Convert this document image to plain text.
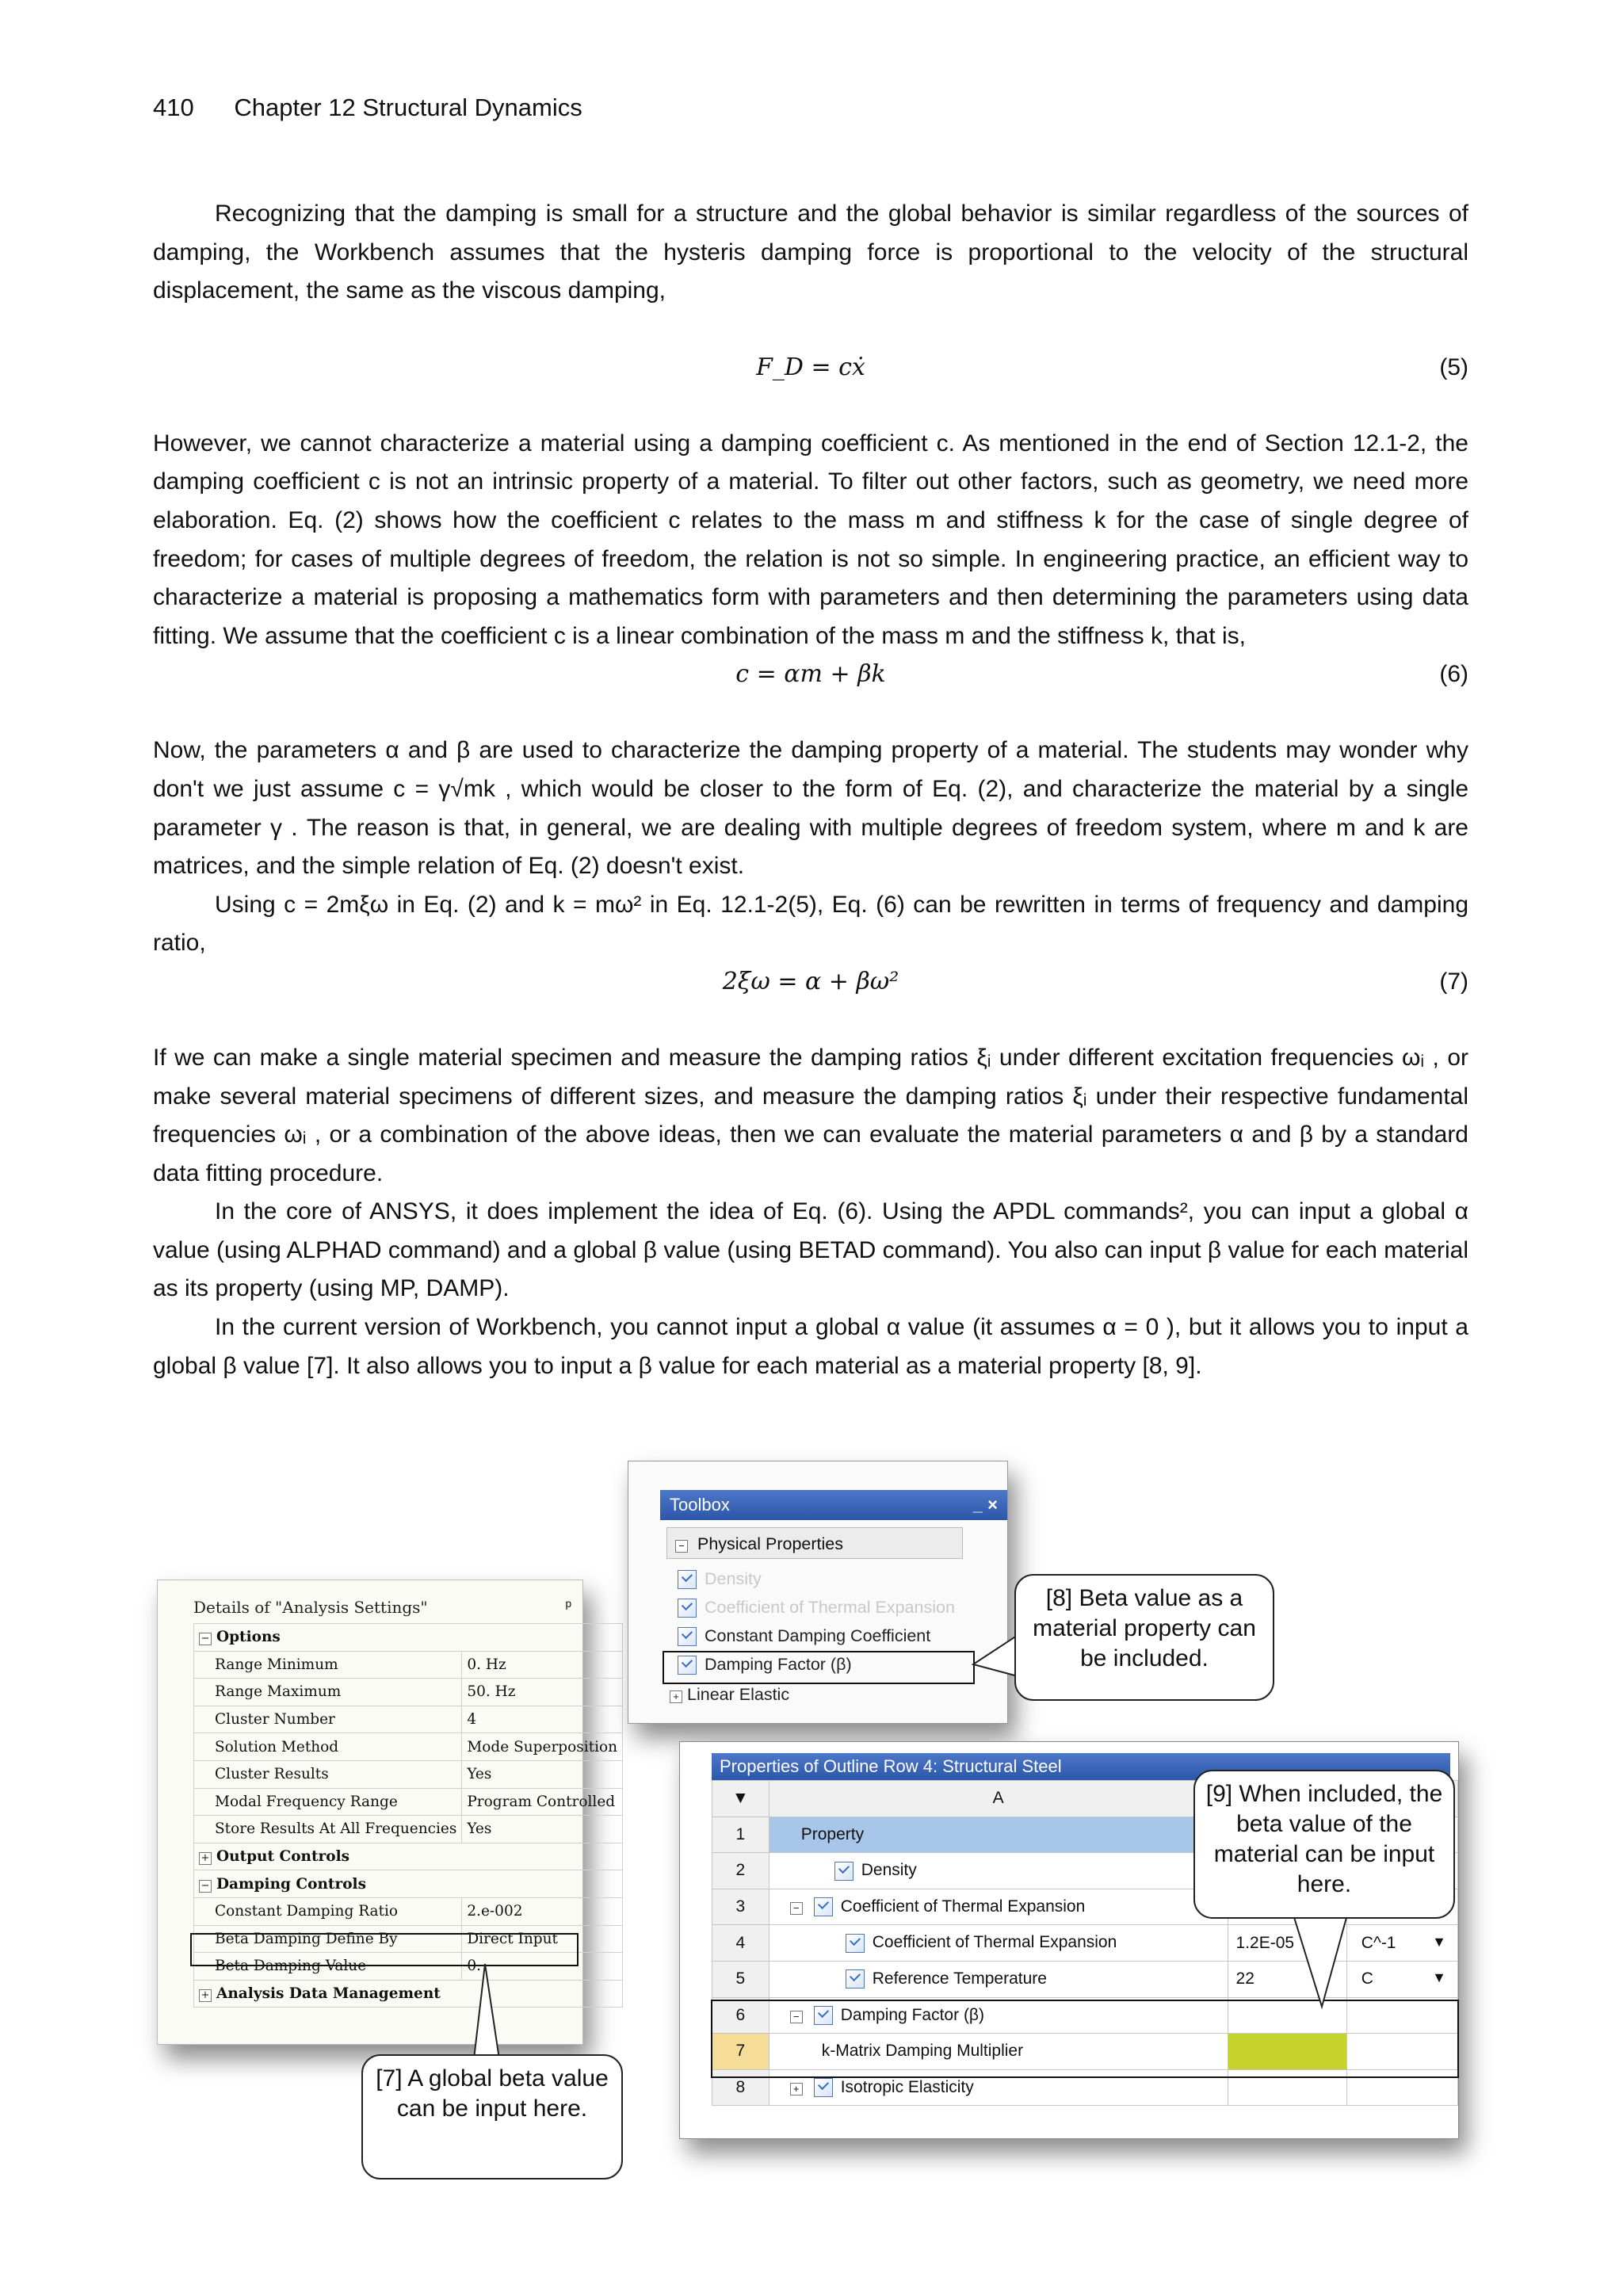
410 Chapter 12 Structural Dynamics

Recognizing that the damping is small for a structure and the global behavior is similar regardless of the sources of damping, the Workbench assumes that the hysteris damping force is proportional to the velocity of the structural displacement, the same as the viscous damping,

F_D = cẋ	(5)

However, we cannot characterize a material using a damping coefficient c. As mentioned in the end of Section 12.1-2, the damping coefficient c is not an intrinsic property of a material. To filter out other factors, such as geometry, we need more elaboration. Eq. (2) shows how the coefficient c relates to the mass m and stiffness k for the case of single degree of freedom; for cases of multiple degrees of freedom, the relation is not so simple. In engineering practice, an efficient way to characterize a material is proposing a mathematics form with parameters and then determining the parameters using data fitting. We assume that the coefficient c is a linear combination of the mass m and the stiffness k, that is,

c = αm + βk	(6)

Now, the parameters α and β are used to characterize the damping property of a material. The students may wonder why don't we just assume c = γ√mk , which would be closer to the form of Eq. (2), and characterize the material by a single parameter γ . The reason is that, in general, we are dealing with multiple degrees of freedom system, where m and k are matrices, and the simple relation of Eq. (2) doesn't exist.

Using c = 2mξω in Eq. (2) and k = mω² in Eq. 12.1-2(5), Eq. (6) can be rewritten in terms of frequency and damping ratio,

2ξω = α + βω²	(7)

If we can make a single material specimen and measure the damping ratios ξᵢ under different excitation frequencies ωᵢ , or make several material specimens of different sizes, and measure the damping ratios ξᵢ under their respective fundamental frequencies ωᵢ , or a combination of the above ideas, then we can evaluate the material parameters α and β by a standard data fitting procedure.

In the core of ANSYS, it does implement the idea of Eq. (6). Using the APDL commands², you can input a global α value (using ALPHAD command) and a global β value (using BETAD command). You also can input β value for each material as its property (using MP, DAMP).

In the current version of Workbench, you cannot input a global α value (it assumes α = 0 ), but it allows you to input a global β value [7]. It also allows you to input a β value for each material as a material property [8, 9].

Details of "Analysis Settings"	ᵖ
− Options	
Range Minimum	0. Hz
Range Maximum	50. Hz
Cluster Number	4
Solution Method	Mode Superposition
Cluster Results	Yes
Modal Frequency Range	Program Controlled
Store Results At All Frequencies	Yes
+ Output Controls	
− Damping Controls	
Constant Damping Ratio	2.e-002
Beta Damping Define By	Direct Input
Beta Damping Value	0.
+ Analysis Data Management	
Toolbox	_ ×
− Physical Properties
Density
Coefficient of Thermal Expansion
Constant Damping Coefficient
Damping Factor (β)
+ Linear Elastic
Properties of Outline Row 4: Structural Steel
▼	A		
1	Property		
2	Density		
3	− Coefficient of Thermal Expansion		
4	Coefficient of Thermal Expansion	1.2E-05	C^-1 ▼

5	Reference Temperature	22	C ▼

6	− Damping Factor (β)		
7	k-Matrix Damping Multiplier		
8	+ Isotropic Elasticity		
[7] A global beta value can be input here.
[8] Beta value as a material property can be included.
[9] When included, the beta value of the material can be input here.
